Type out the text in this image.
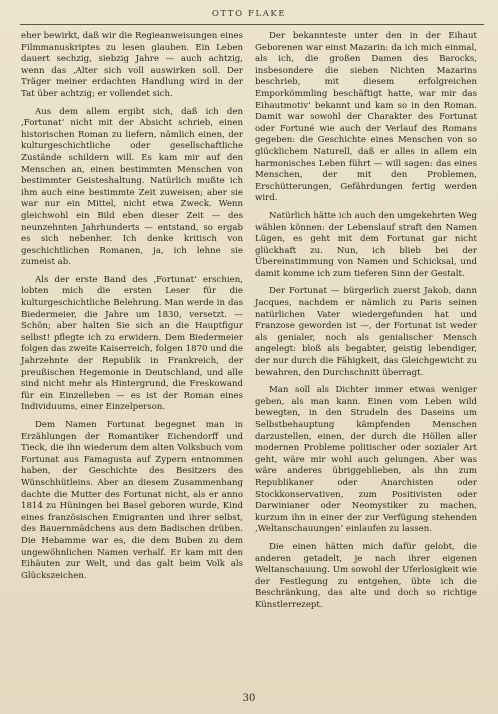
OTTO FLAKE

eher bewirkt, daß wir die Regieanweisungen eines Filmmanuskriptes zu lesen glauben. Ein Leben dauert sechzig, siebzig Jahre — auch achtzig, wenn das ‚Alter sich voll auswirken soll. Der Träger meiner erdachten Handlung wird in der Tat über achtzig; er vollendet sich.

Aus dem allem ergibt sich, daß ich den ‚Fortunat‘ nicht mit der Absicht schrieb, einen historischen Roman zu liefern, nämlich einen, der kulturgeschichtliche oder gesellschaftliche Zustände schildern will. Es kam mir auf den Menschen an, einen bestimmten Menschen von bestimmter Geisteshaltung. Natürlich mußte ich ihm auch eine bestimmte Zeit zuweisen; aber sie war nur ein Mittel, nicht etwa Zweck. Wenn gleichwohl ein Bild eben dieser Zeit — des neunzehnten Jahrhunderts — entstand, so ergab es sich nebenher. Ich denke kritisch von geschichtlichen Romanen, ja, ich lehne sie zumeist ab.

Als der erste Band des ‚Fortunat‘ erschien, lobten mich die ersten Leser für die kulturgeschichtliche Belehrung. Man werde in das Biedermeier, die Jahre um 1830, versetzt. — Schön; aber halten Sie sich an die Hauptfigur selbst! pflegte ich zu erwidern. Dem Biedermeier folgen das zweite Kaiserreich, folgen 1870 und die Jahrzehnte der Republik in Frankreich, der preußischen Hegemonie in Deutschland, und alle sind nicht mehr als Hintergrund, die Freskowand für ein Einzelleben — es ist der Roman eines Individuums, einer Einzelperson.

Dem Namen Fortunat begegnet man in Erzählungen der Romantiker Eichendorff und Tieck, die ihn wiederum dem alten Volksbuch vom Fortunat aus Famagusta auf Zypern entnommen haben, der Geschichte des Besitzers des Wünschhütleins. Aber an diesem Zusammenhang dachte die Mutter des Fortunat nicht, als er anno 1814 zu Hüningen bei Basel geboren wurde, Kind eines französischen Emigranten und ihrer selbst, des Bauernmädchens aus dem Badischen drüben. Die Hebamme war es, die dem Buben zu dem ungewöhnlichen Namen verhalf. Er kam mit den Eihäuten zur Welt, und das galt beim Volk als Glückszeichen.

Der bekannteste unter den in der Eihaut Geborenen war einst Mazarin: da ich mich einmal, als ich, die großen Damen des Barocks, insbesondere die sieben Nichten Mazarins beschrieb, mit diesem erfolgreichen Emporkömmling beschäftigt hatte, war mir das Eihautmotiv‘ bekannt und kam so in den Roman. Damit war sowohl der Charakter des Fortunat oder Fortuné wie auch der Verlauf des Romans gegeben: die Geschichte eines Menschen von so glücklichem Naturell, daß er alles in allem ein harmonisches Leben führt — will sagen: das eines Menschen, der mit den Problemen, Erschütterungen, Gefährdungen fertig werden wird.

Natürlich hätte ich auch den umgekehrten Weg wählen können: der Lebenslauf straft den Namen Lügen, es geht mit dem Fortunat gar nicht glückhaft zu. Nun, ich blieb bei der Übereinstimmung von Namen und Schicksal, und damit komme ich zum tieferen Sinn der Gestalt.

Der Fortunat — bürgerlich zuerst Jakob, dann Jacques, nachdem er nämlich zu Paris seinen natürlichen Vater wiedergefunden hat und Franzose geworden ist —, der Fortunat ist weder als genialer, noch als genialischer Mensch angelegt: bloß als begabter, geistig lebendiger, der nur durch die Fähigkeit, das Gleichgewicht zu bewahren, den Durchschnitt überragt.

Man soll als Dichter immer etwas weniger geben, als man kann. Einen vom Leben wild bewegten, in den Strudeln des Daseins um Selbstbehauptung kämpfenden Menschen darzustellen, einen, der durch die Höllen aller modernen Probleme politischer oder sozialer Art geht, wäre mir wohl auch gelungen. Aber was wäre anderes übriggeblieben, als ihn zum Republikaner oder Anarchisten oder Stockkonservativen, zum Positivisten oder Darwinianer oder Neomystiker zu machen, kurzum ihn in einer der zur Verfügung stehenden ‚Weltanschauungen‘ einlaufen zu lassen.

Die einen hätten mich dafür gelobt, die anderen getadelt, je nach ihrer eigenen Weltanschauung. Um sowohl der Uferlosigkeit wie der Festlegung zu entgehen, übte ich die Beschränkung, das alte und doch so richtige Künstlerrezept.

30
